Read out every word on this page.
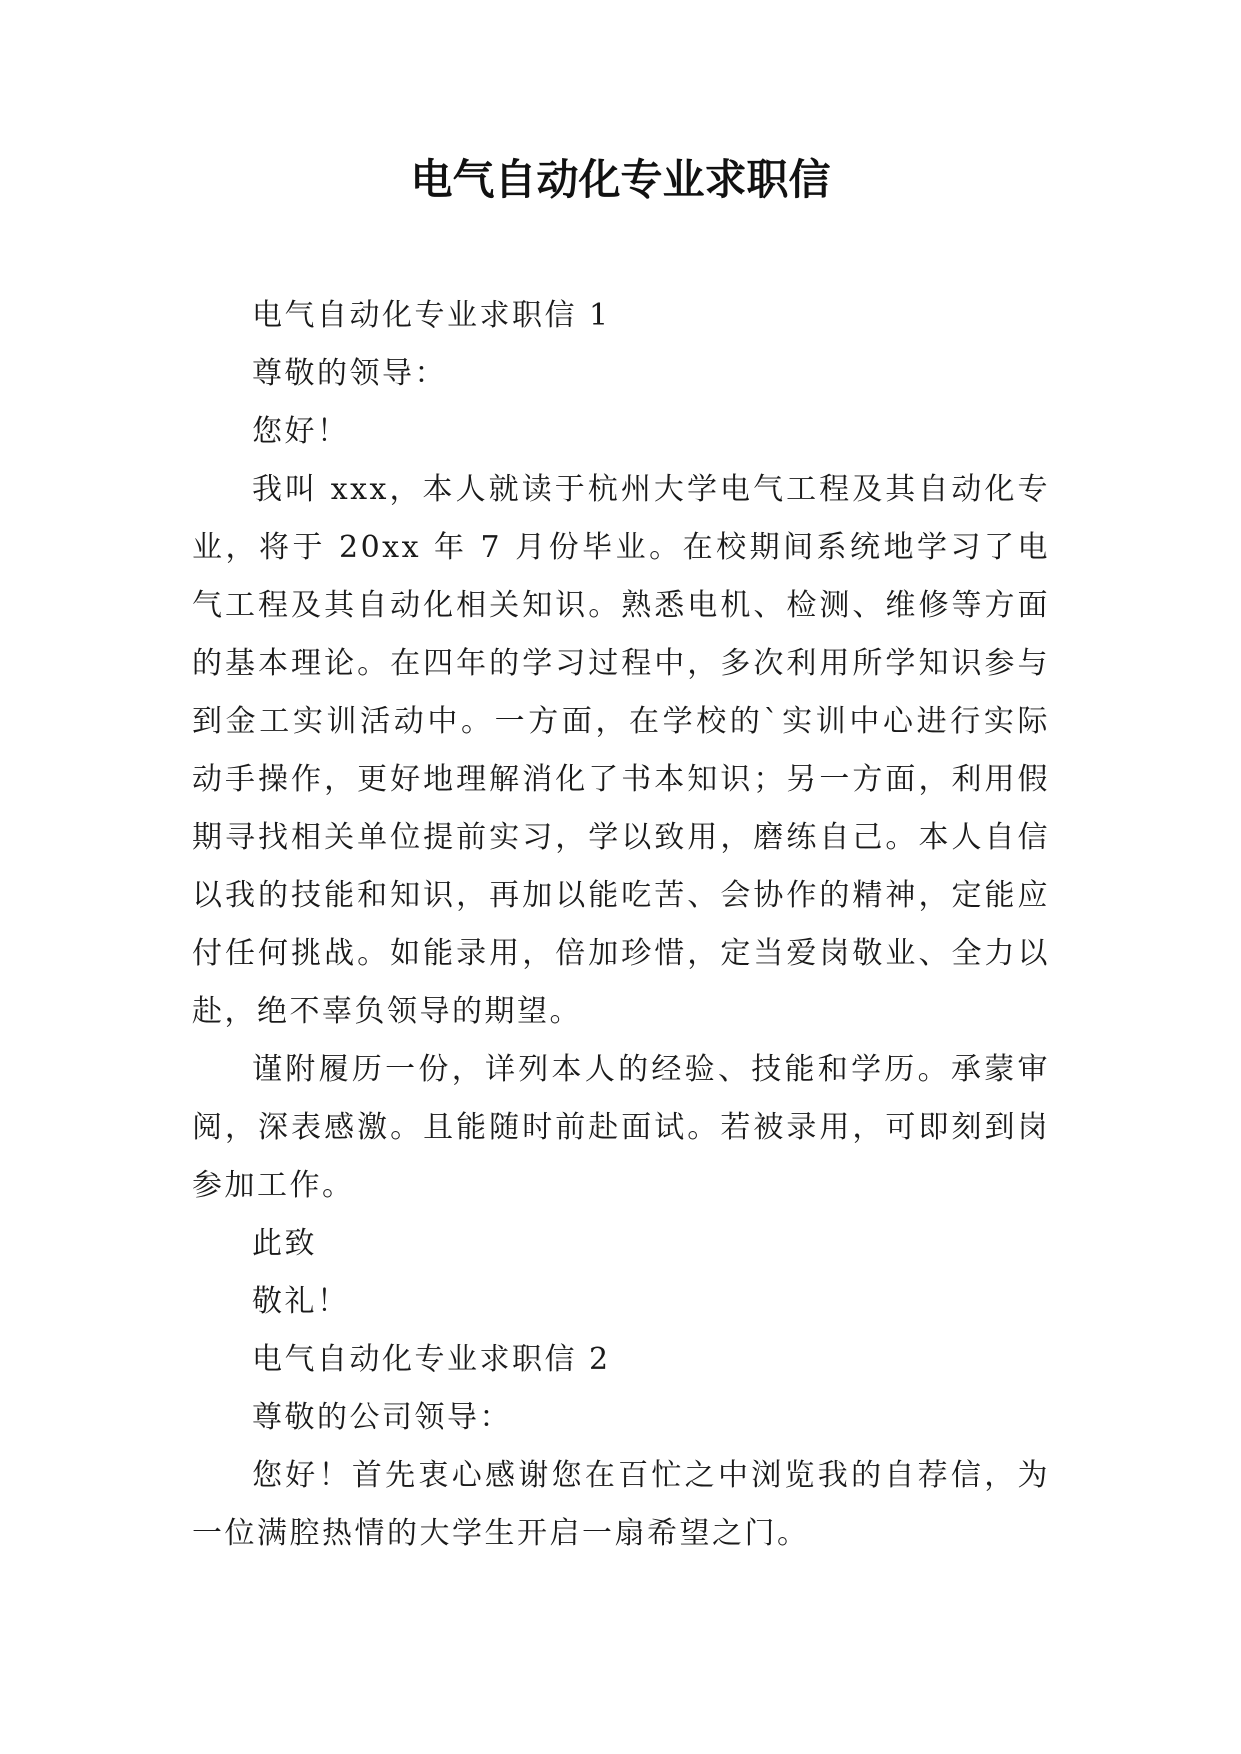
电气自动化专业求职信

电气自动化专业求职信 1

尊敬的领导：

您好！

我叫 xxx，本人就读于杭州大学电气工程及其自动化专业，将于 20xx 年 7 月份毕业。在校期间系统地学习了电气工程及其自动化相关知识。熟悉电机、检测、维修等方面的基本理论。在四年的学习过程中，多次利用所学知识参与到金工实训活动中。一方面，在学校的`实训中心进行实际动手操作，更好地理解消化了书本知识；另一方面，利用假期寻找相关单位提前实习，学以致用，磨练自己。本人自信以我的技能和知识，再加以能吃苦、会协作的精神，定能应付任何挑战。如能录用，倍加珍惜，定当爱岗敬业、全力以赴，绝不辜负领导的期望。

谨附履历一份，详列本人的经验、技能和学历。承蒙审阅，深表感激。且能随时前赴面试。若被录用，可即刻到岗参加工作。

此致

敬礼！

电气自动化专业求职信 2

尊敬的公司领导：

您好！首先衷心感谢您在百忙之中浏览我的自荐信，为一位满腔热情的大学生开启一扇希望之门。
